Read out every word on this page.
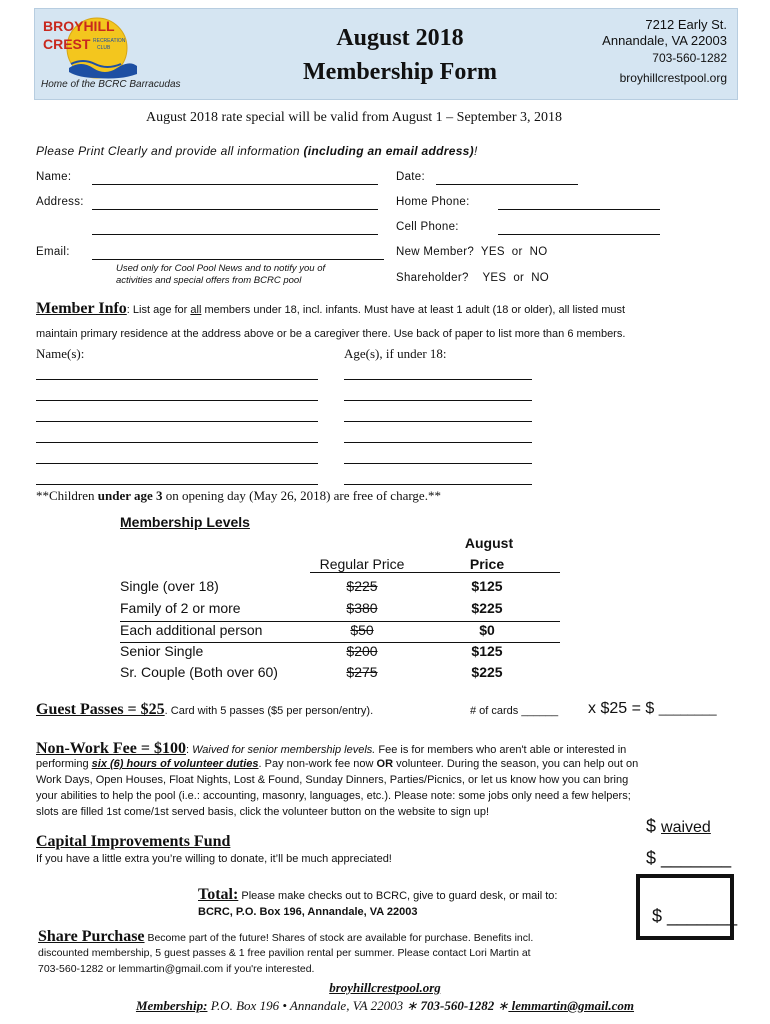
BROYHILL
CREST RECREATION
CLUB
Home of the BCRC Barracudas
August 2018
Membership Form
7212 Early St.
Annandale, VA 22003
703-560-1282
broyhillcrestpool.org
August 2018 rate special will be valid from August 1 – September 3, 2018
Please Print Clearly and provide all information (including an email address)!
Name:	Date:
Address:	Home Phone:
Cell Phone:
Email:
Used only for Cool Pool News and to notify you of
activities and special offers from BCRC pool
New Member? YES or NO
Shareholder? YES or NO
Member Info: List age for all members under 18, incl. infants. Must have at least 1 adult (18 or older), all listed must
maintain primary residence at the address above or be a caregiver there. Use back of paper to list more than 6 members.
Name(s):	Age(s), if under 18:
**Children under age 3 on opening day (May 26, 2018) are free of charge.**
Membership Levels
August
Regular Price	Price
Single (over 18)	$225	$125
Family of 2 or more	$380	$225
Each additional person	$50	$0
Senior Single	$200	$125
Sr. Couple (Both over 60)	$275	$225
Guest Passes = $25. Card with 5 passes ($5 per person/entry).	# of cards ______ x $25 = $ ________
Non-Work Fee = $100: Waived for senior membership levels. Fee is for members who aren't able or interested in
performing six (6) hours of volunteer duties. Pay non-work fee now OR volunteer. During the season, you can help out on
Work Days, Open Houses, Float Nights, Lost & Found, Sunday Dinners, Parties/Picnics, or let us know how you can bring
your abilities to help the pool (i.e.: accounting, masonry, languages, etc.). Please note: some jobs only need a few helpers;
slots are filled 1st come/1st served basis, click the volunteer button on the website to sign up!
$ waived
Capital Improvements Fund
If you have a little extra you’re willing to donate, it’ll be much appreciated!	$ _______
Total: Please make checks out to BCRC, give to guard desk, or mail to:
BCRC, P.O. Box 196, Annandale, VA 22003	$ _______
Share Purchase Become part of the future! Shares of stock are available for purchase. Benefits incl.
discounted membership, 5 guest passes & 1 free pavilion rental per summer. Please contact Lori Martin at
703-560-1282 or lemmartin@gmail.com if you're interested.
broyhillcrestpool.org
Membership: P.O. Box 196 • Annandale, VA 22003 ∗ 703-560-1282 ∗ lemmartin@gmail.com
